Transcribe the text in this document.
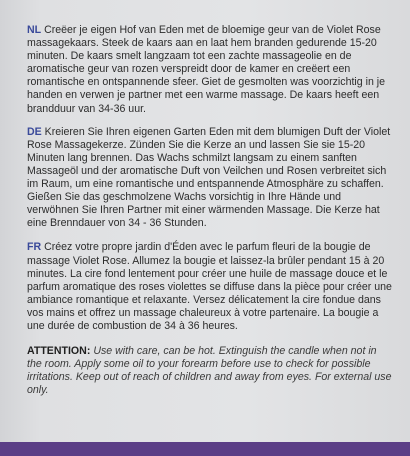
NL Creëer je eigen Hof van Eden met de bloemige geur van de Violet Rose massagekaars. Steek de kaars aan en laat hem branden gedurende 15-20 minuten. De kaars smelt langzaam tot een zachte massageolie en de aromatische geur van rozen verspreidt door de kamer en creëert een romantische en ontspannende sfeer. Giet de gesmolten was voorzichtig in je handen en verwen je partner met een warme massage. De kaars heeft een brandduur van 34-36 uur.

DE Kreieren Sie Ihren eigenen Garten Eden mit dem blumigen Duft der Violet Rose Massagekerze. Zünden Sie die Kerze an und lassen Sie sie 15-20 Minuten lang brennen. Das Wachs schmilzt langsam zu einem sanften Massageöl und der aromatische Duft von Veilchen und Rosen verbreitet sich im Raum, um eine romantische und entspannende Atmosphäre zu schaffen. Gießen Sie das geschmolzene Wachs vorsichtig in Ihre Hände und verwöhnen Sie Ihren Partner mit einer wärmenden Massage. Die Kerze hat eine Brenndauer von 34 - 36 Stunden.

FR Créez votre propre jardin d'Éden avec le parfum fleuri de la bougie de massage Violet Rose. Allumez la bougie et laissez-la brûler pendant 15 à 20 minutes. La cire fond lentement pour créer une huile de massage douce et le parfum aromatique des roses violettes se diffuse dans la pièce pour créer une ambiance romantique et relaxante. Versez délicatement la cire fondue dans vos mains et offrez un massage chaleureux à votre partenaire. La bougie a une durée de combustion de 34 à 36 heures.

ATTENTION: Use with care, can be hot. Extinguish the candle when not in the room. Apply some oil to your forearm before use to check for possible irritations. Keep out of reach of children and away from eyes. For external use only.
